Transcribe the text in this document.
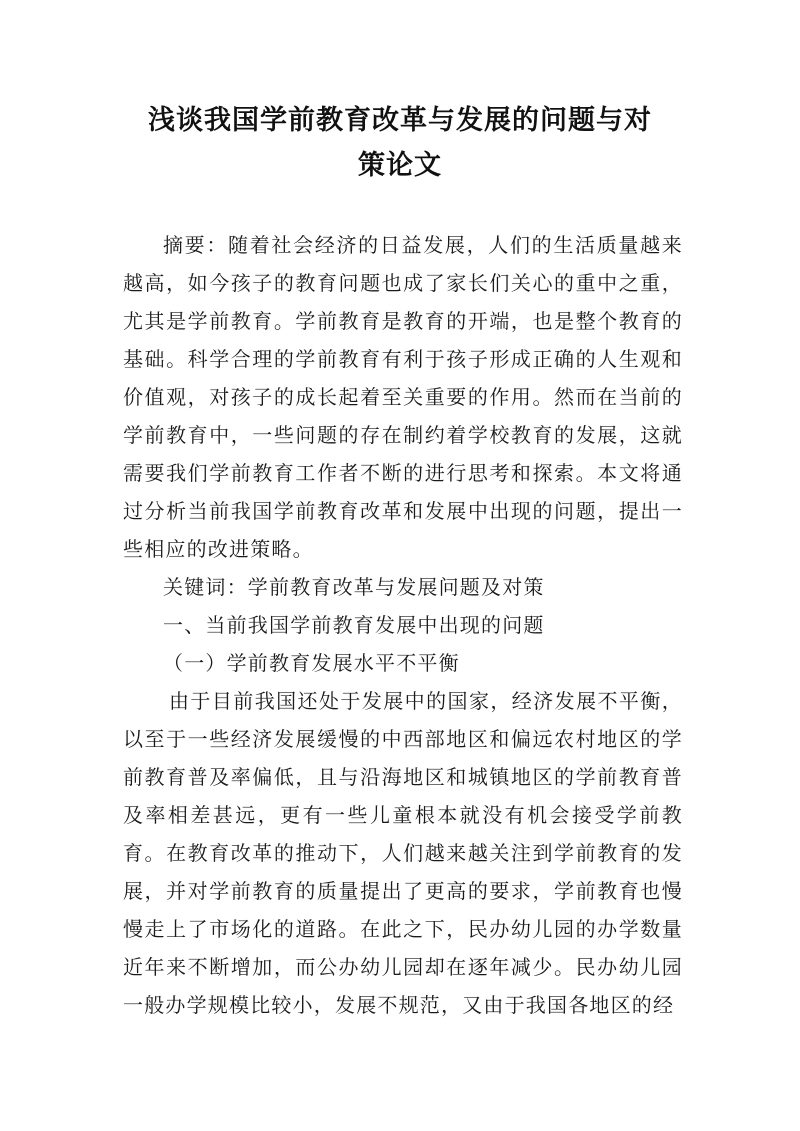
浅谈我国学前教育改革与发展的问题与对
策论文

摘要：随着社会经济的日益发展，人们的生活质量越来越高，如今孩子的教育问题也成了家长们关心的重中之重，尤其是学前教育。学前教育是教育的开端，也是整个教育的基础。科学合理的学前教育有利于孩子形成正确的人生观和价值观，对孩子的成长起着至关重要的作用。然而在当前的学前教育中，一些问题的存在制约着学校教育的发展，这就需要我们学前教育工作者不断的进行思考和探索。本文将通过分析当前我国学前教育改革和发展中出现的问题，提出一些相应的改进策略。

关键词：学前教育改革与发展问题及对策

一、当前我国学前教育发展中出现的问题

（一）学前教育发展水平不平衡

由于目前我国还处于发展中的国家，经济发展不平衡，以至于一些经济发展缓慢的中西部地区和偏远农村地区的学前教育普及率偏低，且与沿海地区和城镇地区的学前教育普及率相差甚远，更有一些儿童根本就没有机会接受学前教育。在教育改革的推动下，人们越来越关注到学前教育的发展，并对学前教育的质量提出了更高的要求，学前教育也慢慢走上了市场化的道路。在此之下，民办幼儿园的办学数量近年来不断增加，而公办幼儿园却在逐年减少。民办幼儿园一般办学规模比较小，发展不规范，又由于我国各地区的经
